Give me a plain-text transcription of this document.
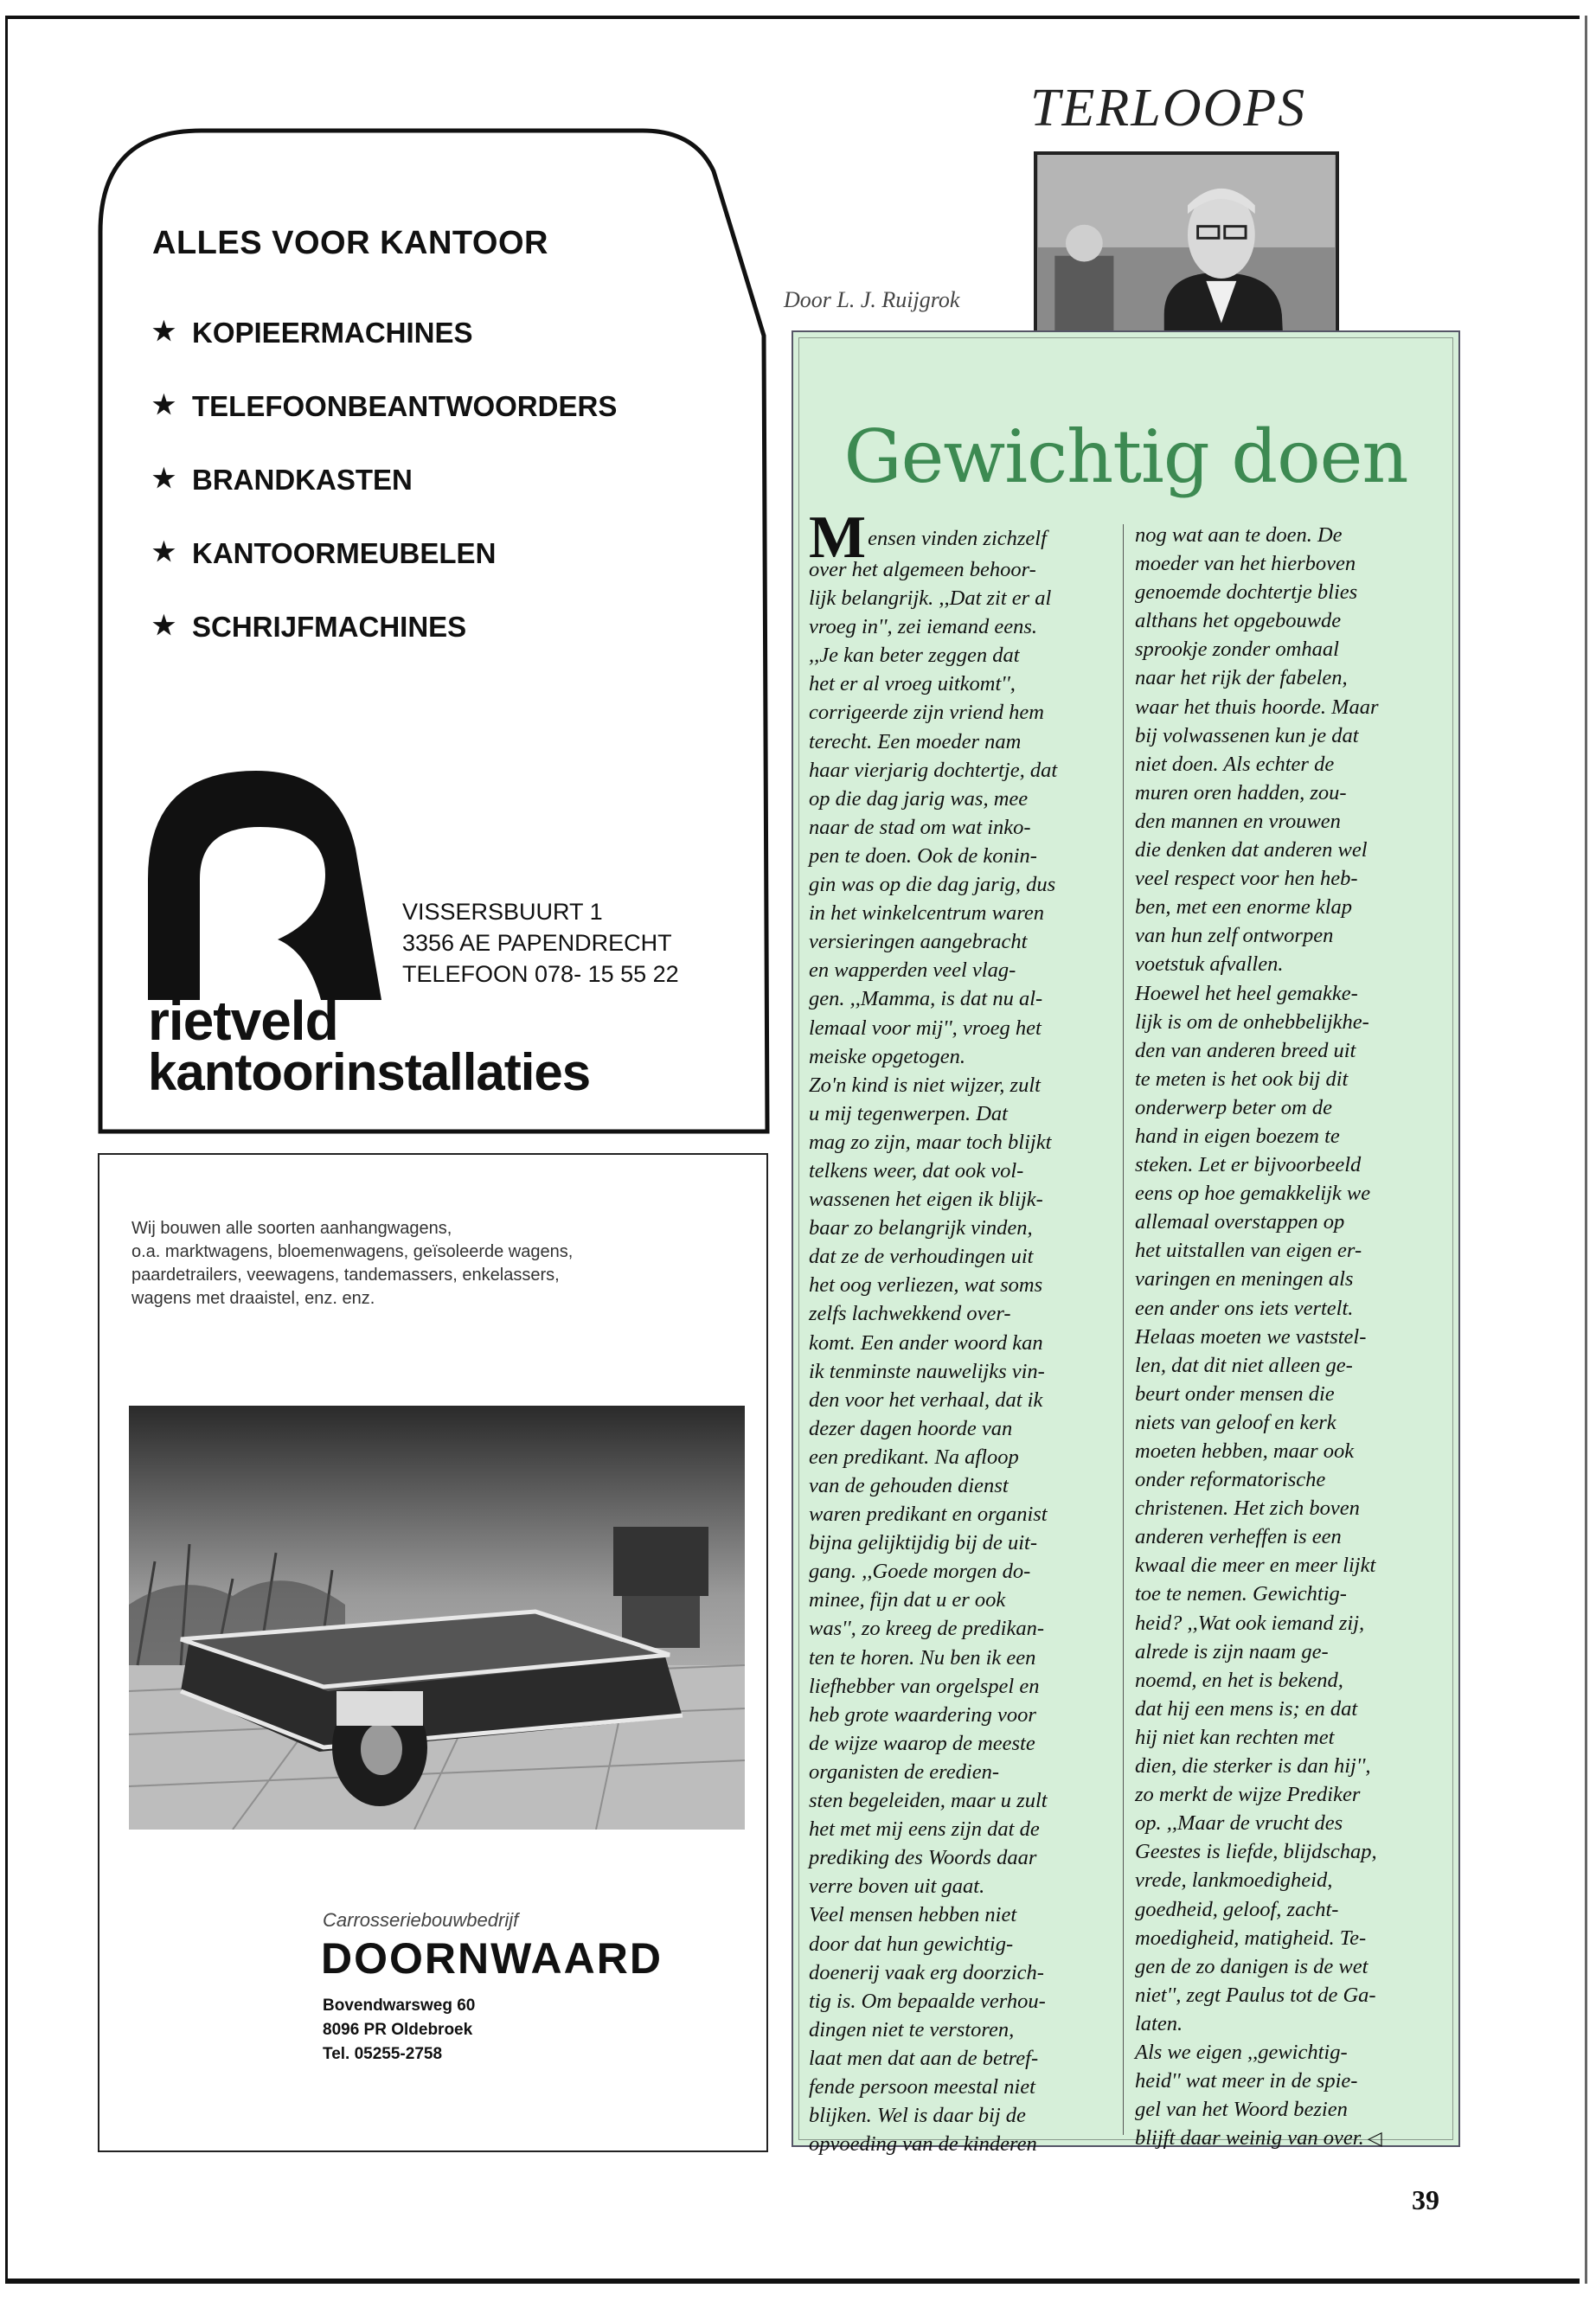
ALLES VOOR KANTOOR
★ KOPIEERMACHINES
★ TELEFOONBEANTWOORDERS
★ BRANDKASTEN
★ KANTOORMEUBELEN
★ SCHRIJFMACHINES
VISSERSBUURT 1
3356 AE PAPENDRECHT
TELEFOON 078- 15 55 22
rietveld
kantoorinstallaties
Wij bouwen alle soorten aanhangwagens,
o.a. marktwagens, bloemenwagens, geïsoleerde wagens,
paardetrailers, veewagens, tandemassers, enkelassers,
wagens met draaistel, enz. enz.
Carrosseriebouwbedrijf
DOORNWAARD
Bovendwarsweg 60
8096 PR Oldebroek
Tel. 05255-2758
TERLOOPS
Door L. J. Ruijgrok
Gewichtig doen
Mensen vinden zichzelf
over het algemeen behoor-
lijk belangrijk. ,,Dat zit er al
vroeg in'', zei iemand eens.
,,Je kan beter zeggen dat
het er al vroeg uitkomt'',
corrigeerde zijn vriend hem
terecht. Een moeder nam
haar vierjarig dochtertje, dat
op die dag jarig was, mee
naar de stad om wat inko-
pen te doen. Ook de konin-
gin was op die dag jarig, dus
in het winkelcentrum waren
versieringen aangebracht
en wapperden veel vlag-
gen. ,,Mamma, is dat nu al-
lemaal voor mij'', vroeg het
meiske opgetogen.
Zo'n kind is niet wijzer, zult
u mij tegenwerpen. Dat
mag zo zijn, maar toch blijkt
telkens weer, dat ook vol-
wassenen het eigen ik blijk-
baar zo belangrijk vinden,
dat ze de verhoudingen uit
het oog verliezen, wat soms
zelfs lachwekkend over-
komt. Een ander woord kan
ik tenminste nauwelijks vin-
den voor het verhaal, dat ik
dezer dagen hoorde van
een predikant. Na afloop
van de gehouden dienst
waren predikant en organist
bijna gelijktijdig bij de uit-
gang. ,,Goede morgen do-
minee, fijn dat u er ook
was'', zo kreeg de predikan-
ten te horen. Nu ben ik een
liefhebber van orgelspel en
heb grote waardering voor
de wijze waarop de meeste
organisten de eredien-
sten begeleiden, maar u zult
het met mij eens zijn dat de
prediking des Woords daar
verre boven uit gaat.
Veel mensen hebben niet
door dat hun gewichtig-
doenerij vaak erg doorzich-
tig is. Om bepaalde verhou-
dingen niet te verstoren,
laat men dat aan de betref-
fende persoon meestal niet
blijken. Wel is daar bij de
opvoeding van de kinderen
nog wat aan te doen. De
moeder van het hierboven
genoemde dochtertje blies
althans het opgebouwde
sprookje zonder omhaal
naar het rijk der fabelen,
waar het thuis hoorde. Maar
bij volwassenen kun je dat
niet doen. Als echter de
muren oren hadden, zou-
den mannen en vrouwen
die denken dat anderen wel
veel respect voor hen heb-
ben, met een enorme klap
van hun zelf ontworpen
voetstuk afvallen.
Hoewel het heel gemakke-
lijk is om de onhebbelijkhe-
den van anderen breed uit
te meten is het ook bij dit
onderwerp beter om de
hand in eigen boezem te
steken. Let er bijvoorbeeld
eens op hoe gemakkelijk we
allemaal overstappen op
het uitstallen van eigen er-
varingen en meningen als
een ander ons iets vertelt.
Helaas moeten we vaststel-
len, dat dit niet alleen ge-
beurt onder mensen die
niets van geloof en kerk
moeten hebben, maar ook
onder reformatorische
christenen. Het zich boven
anderen verheffen is een
kwaal die meer en meer lijkt
toe te nemen. Gewichtig-
heid? ,,Wat ook iemand zij,
alrede is zijn naam ge-
noemd, en het is bekend,
dat hij een mens is; en dat
hij niet kan rechten met
dien, die sterker is dan hij'',
zo merkt de wijze Prediker
op. ,,Maar de vrucht des
Geestes is liefde, blijdschap,
vrede, lankmoedigheid,
goedheid, geloof, zacht-
moedigheid, matigheid. Te-
gen de zo danigen is de wet
niet'', zegt Paulus tot de Ga-
laten.
Als we eigen ,,gewichtig-
heid'' wat meer in de spie-
gel van het Woord bezien
blijft daar weinig van over. ◁
39
